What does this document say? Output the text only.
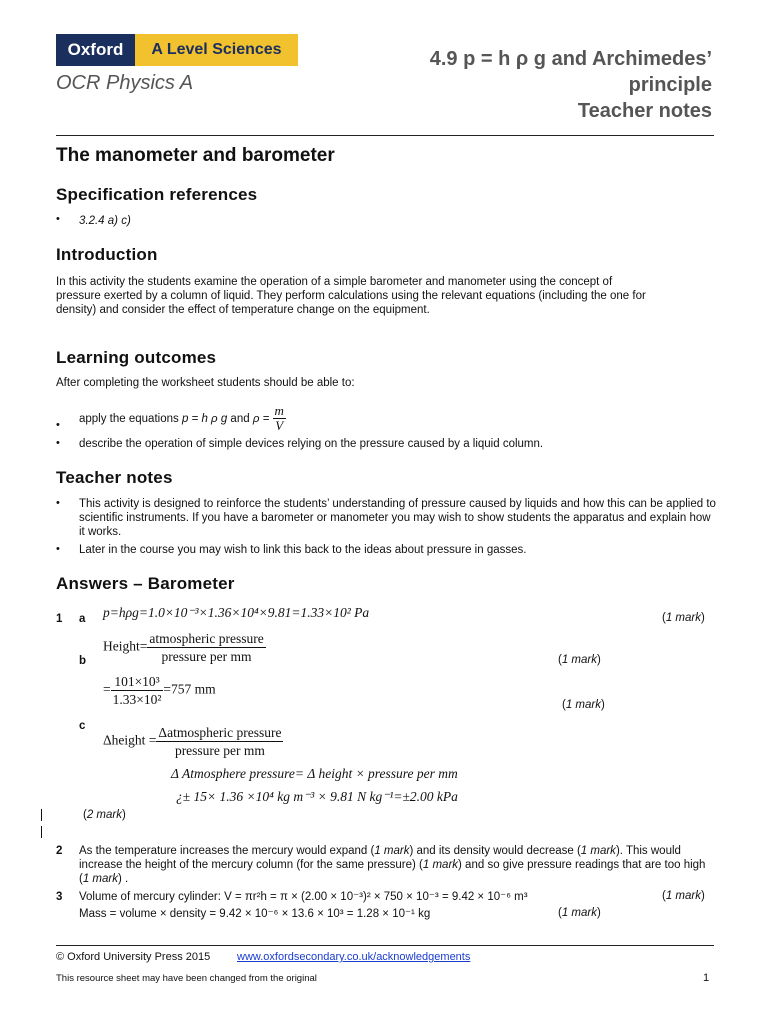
Oxford	A Level Sciences
OCR Physics A
4.9 p = h ρ g and Archimedes’
principle
Teacher notes
The manometer and barometer
Specification references
• 3.2.4 a) c)
Introduction
In this activity the students examine the operation of a simple barometer and manometer using the concept of pressure exerted by a column of liquid. They perform calculations using the relevant equations (including the one for density) and consider the effect of temperature change on the equipment.
Learning outcomes
After completing the worksheet students should be able to:
• apply the equations p = h ρ g and $\rho = \frac{m}{V}$
• describe the operation of simple devices relying on the pressure caused by a liquid column.
Teacher notes
• This activity is designed to reinforce the students’ understanding of pressure caused by liquids and how this can be applied to scientific instruments. If you have a barometer or manometer you may wish to show students the apparatus and explain how it works.
• Later in the course you may wish to link this back to the ideas about pressure in gasses.
Answers – Barometer
1 a p=hρg=1.0×10⁻³×1.36×10⁴×9.81=1.33×10² Pa	(1 mark)
b
Height= $\frac{\text{atmospheric pressure}}{\text{pressure per mm}}$	(1 mark)
= $\frac{\text{101×10³}}{\text{1.33×10²}} =757$ mm
(1 mark)
c
Δheight = $\frac{\text{Δatmospheric pressure}}{\text{pressure per mm}}$
Δ Atmosphere pressure= Δ height × pressure per mm
¿± 15× 1.36 ×10⁴ kg m⁻³ × 9.81 N kg⁻¹=±2.00 kPa
(2 mark)
2 As the temperature increases the mercury would expand (1 mark) and its density would decrease (1 mark). This would increase the height of the mercury column (for the same pressure) (1 mark) and so give pressure readings that are too high (1 mark) .
3 Volume of mercury cylinder: V = πr²h = π × (2.00 × 10⁻³)² × 750 × 10⁻³ = 9.42 × 10⁻⁶ m³	(1 mark)
Mass = volume × density = 9.42 × 10⁻⁶ × 13.6 × 10³ = 1.28 × 10⁻¹ kg	(1 mark)
© Oxford University Press 2015 www.oxfordsecondary.co.uk/acknowledgements
This resource sheet may have been changed from the original	1
